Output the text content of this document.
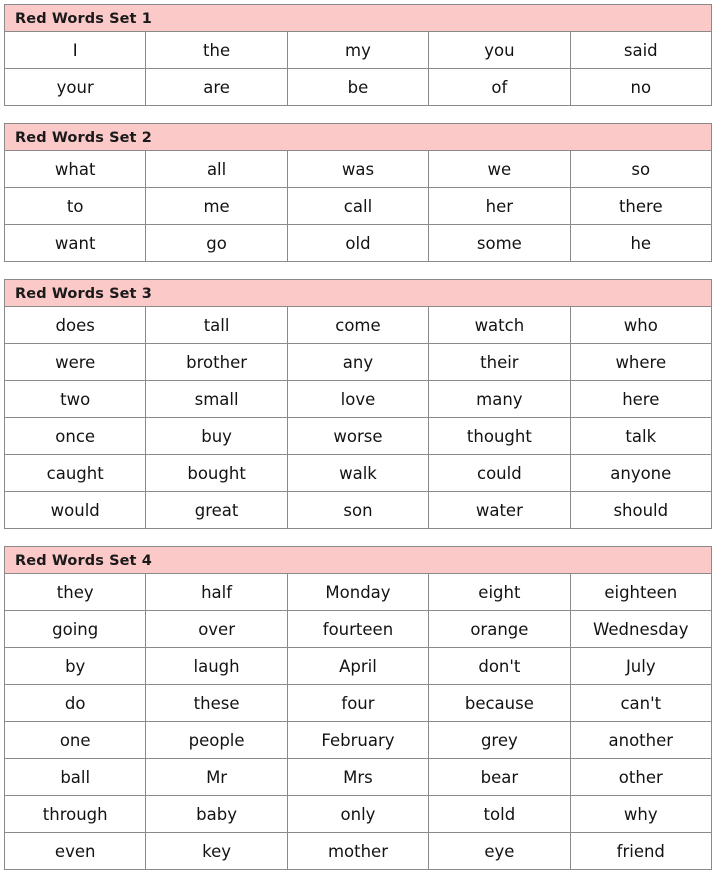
Red Words Set 1
I	the	my	you	said
your	are	be	of	no
Red Words Set 2
what	all	was	we	so
to	me	call	her	there
want	go	old	some	he
Red Words Set 3
does	tall	come	watch	who
were	brother	any	their	where
two	small	love	many	here
once	buy	worse	thought	talk
caught	bought	walk	could	anyone
would	great	son	water	should
Red Words Set 4
they	half	Monday	eight	eighteen
going	over	fourteen	orange	Wednesday
by	laugh	April	don't	July
do	these	four	because	can't
one	people	February	grey	another
ball	Mr	Mrs	bear	other
through	baby	only	told	why
even	key	mother	eye	friend
